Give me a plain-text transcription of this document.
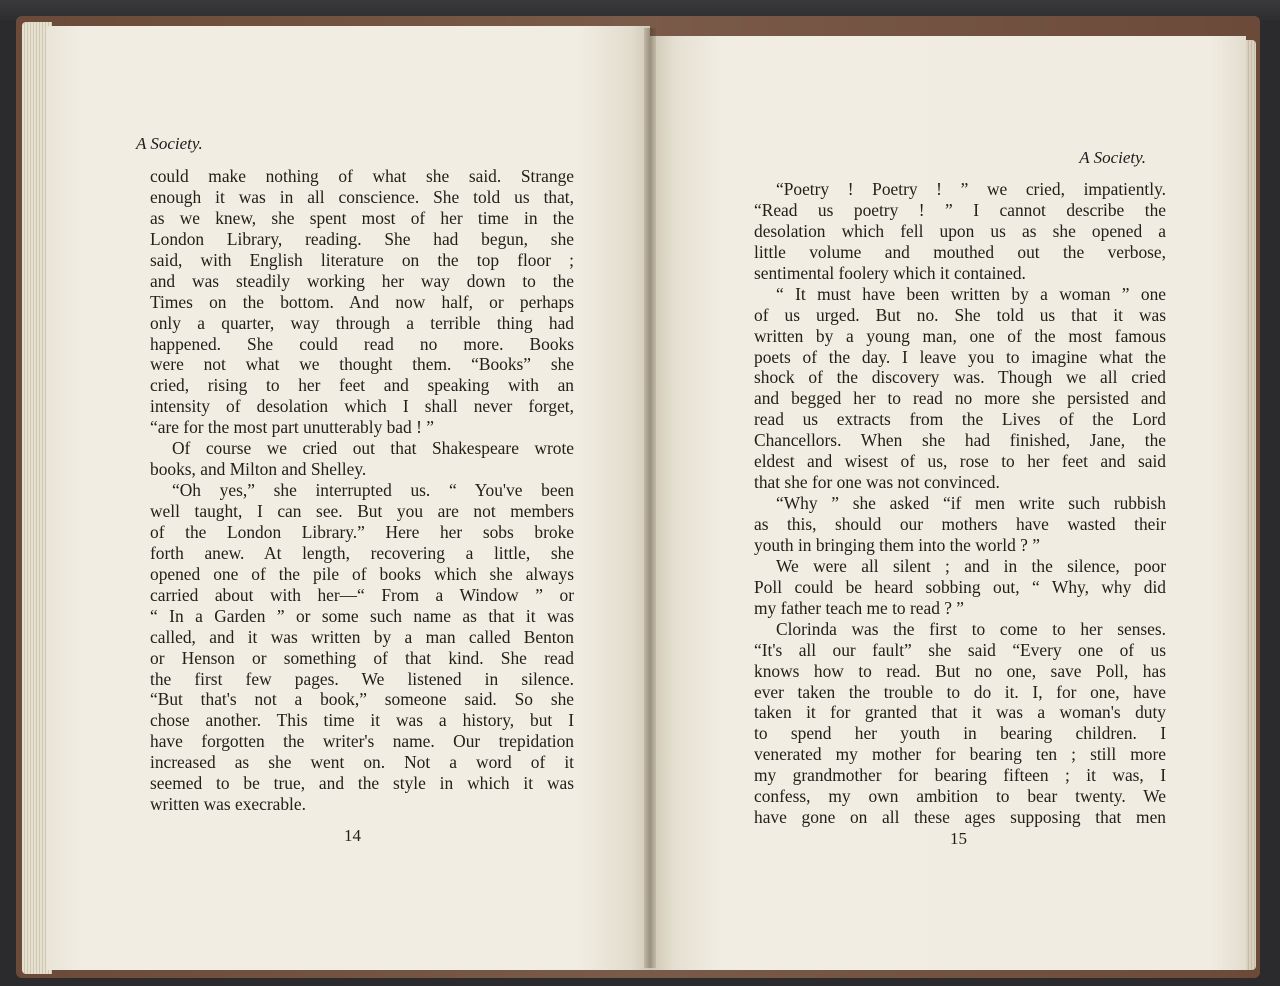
A Society.
could make nothing of what she said. Strange
enough it was in all conscience. She told us that,
as we knew, she spent most of her time in the
London Library, reading. She had begun, she
said, with English literature on the top floor ;
and was steadily working her way down to the
Times on the bottom. And now half, or perhaps
only a quarter, way through a terrible thing had
happened. She could read no more. Books
were not what we thought them. “Books” she
cried, rising to her feet and speaking with an
intensity of desolation which I shall never forget,
“are for the most part unutterably bad ! ”
Of course we cried out that Shakespeare wrote
books, and Milton and Shelley.
“Oh yes,” she interrupted us. “ You've been
well taught, I can see. But you are not members
of the London Library.” Here her sobs broke
forth anew. At length, recovering a little, she
opened one of the pile of books which she always
carried about with her—“ From a Window ” or
“ In a Garden ” or some such name as that it was
called, and it was written by a man called Benton
or Henson or something of that kind. She read
the first few pages. We listened in silence.
“But that's not a book,” someone said. So she
chose another. This time it was a history, but I
have forgotten the writer's name. Our trepidation
increased as she went on. Not a word of it
seemed to be true, and the style in which it was
written was execrable.
14
A Society.
“Poetry ! Poetry ! ” we cried, impatiently.
“Read us poetry ! ” I cannot describe the
desolation which fell upon us as she opened a
little volume and mouthed out the verbose,
sentimental foolery which it contained.
“ It must have been written by a woman ” one
of us urged. But no. She told us that it was
written by a young man, one of the most famous
poets of the day. I leave you to imagine what the
shock of the discovery was. Though we all cried
and begged her to read no more she persisted and
read us extracts from the Lives of the Lord
Chancellors. When she had finished, Jane, the
eldest and wisest of us, rose to her feet and said
that she for one was not convinced.
“Why ” she asked “if men write such rubbish
as this, should our mothers have wasted their
youth in bringing them into the world ? ”
We were all silent ; and in the silence, poor
Poll could be heard sobbing out, “ Why, why did
my father teach me to read ? ”
Clorinda was the first to come to her senses.
“It's all our fault” she said “Every one of us
knows how to read. But no one, save Poll, has
ever taken the trouble to do it. I, for one, have
taken it for granted that it was a woman's duty
to spend her youth in bearing children. I
venerated my mother for bearing ten ; still more
my grandmother for bearing fifteen ; it was, I
confess, my own ambition to bear twenty. We
have gone on all these ages supposing that men
15
